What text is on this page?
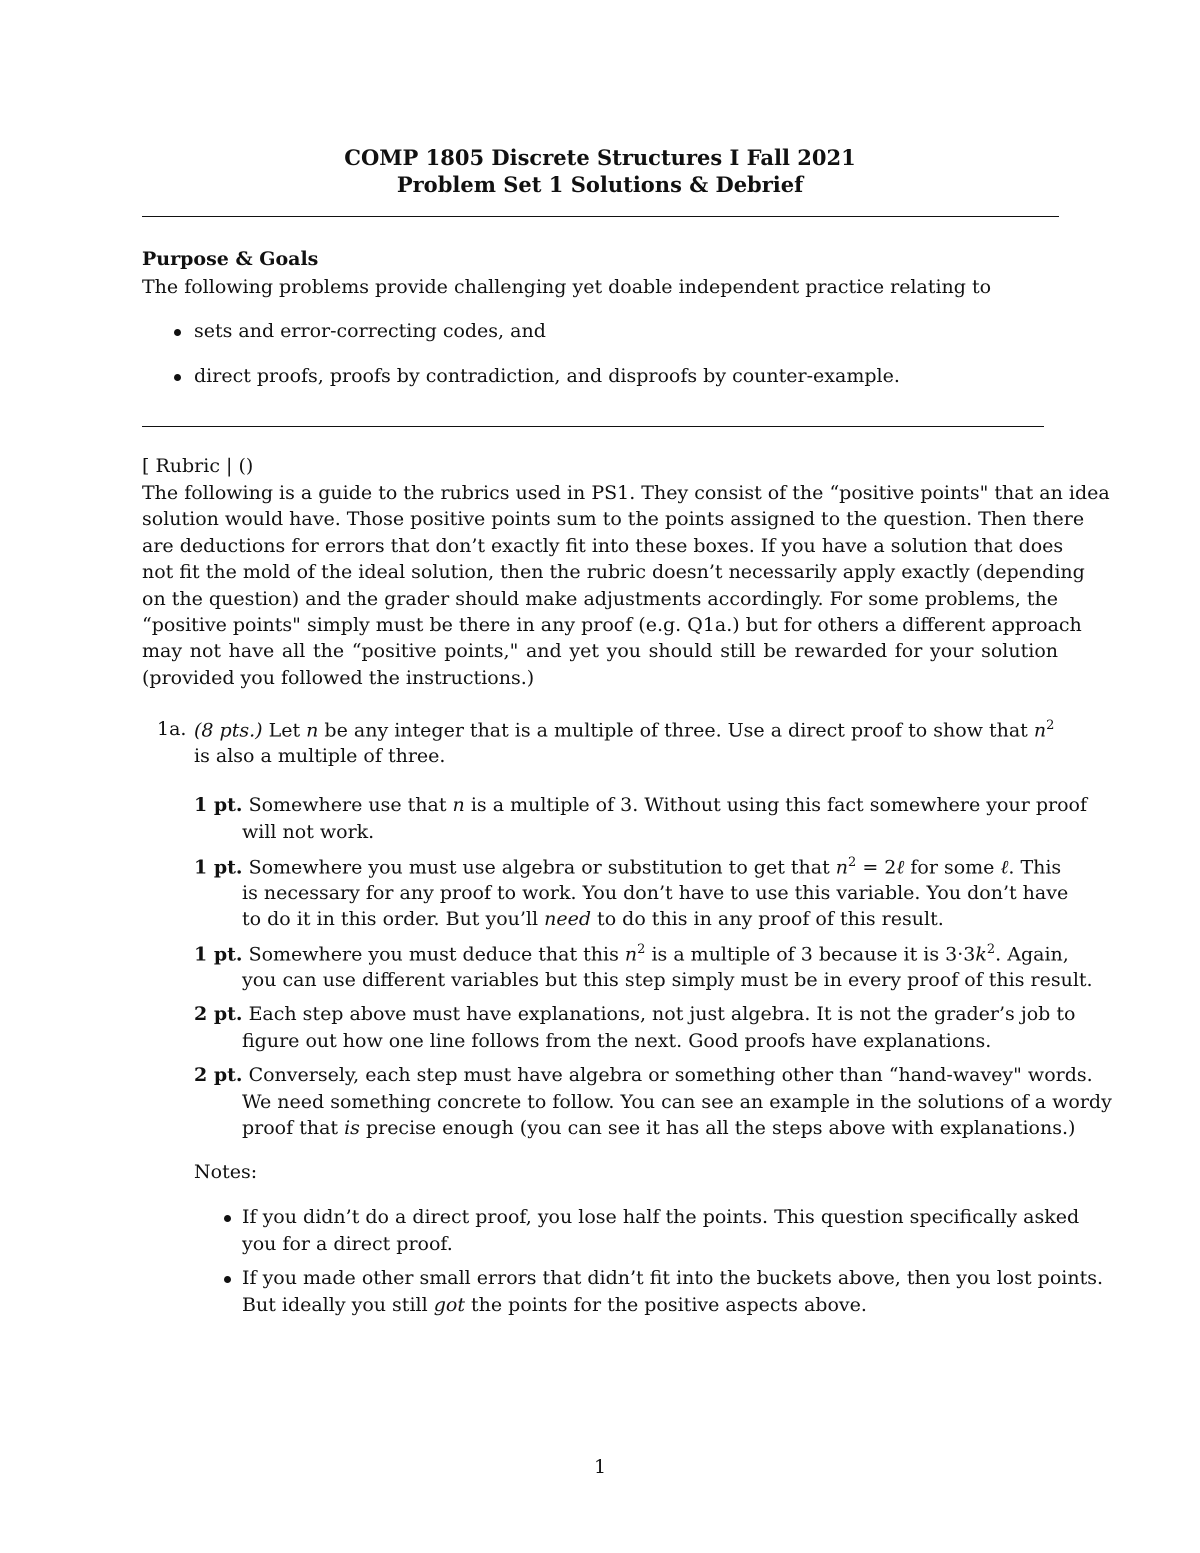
COMP 1805 Discrete Structures I Fall 2021
Problem Set 1 Solutions & Debrief
Purpose & Goals
The following problems provide challenging yet doable independent practice relating to
sets and error-correcting codes, and
direct proofs, proofs by contradiction, and disproofs by counter-example.
[ Rubric | ()
The following is a guide to the rubrics used in PS1. They consist of the “positive points" that an idea
solution would have. Those positive points sum to the points assigned to the question. Then there
are deductions for errors that don’t exactly fit into these boxes. If you have a solution that does
not fit the mold of the ideal solution, then the rubric doesn’t necessarily apply exactly (depending
on the question) and the grader should make adjustments accordingly. For some problems, the
“positive points" simply must be there in any proof (e.g. Q1a.) but for others a different approach
may not have all the “positive points," and yet you should still be rewarded for your solution
(provided you followed the instructions.)
1a. (8 pts.) Let n be any integer that is a multiple of three. Use a direct proof to show that $n^2$
is also a multiple of three.
1 pt. Somewhere use that n is a multiple of 3. Without using this fact somewhere your proof
will not work.
1 pt. Somewhere you must use algebra or substitution to get that $n^2$ = 2ℓ for some ℓ. This
is necessary for any proof to work. You don’t have to use this variable. You don’t have
to do it in this order. But you’ll need to do this in any proof of this result.
1 pt. Somewhere you must deduce that this $n^2$ is a multiple of 3 because it is $3\cdot 3k^2$. Again,
you can use different variables but this step simply must be in every proof of this result.
2 pt. Each step above must have explanations, not just algebra. It is not the grader’s job to
figure out how one line follows from the next. Good proofs have explanations.
2 pt. Conversely, each step must have algebra or something other than “hand-wavey" words.
We need something concrete to follow. You can see an example in the solutions of a wordy
proof that is precise enough (you can see it has all the steps above with explanations.)
Notes:
If you didn’t do a direct proof, you lose half the points. This question specifically asked
you for a direct proof.
If you made other small errors that didn’t fit into the buckets above, then you lost points.
But ideally you still got the points for the positive aspects above.
1
